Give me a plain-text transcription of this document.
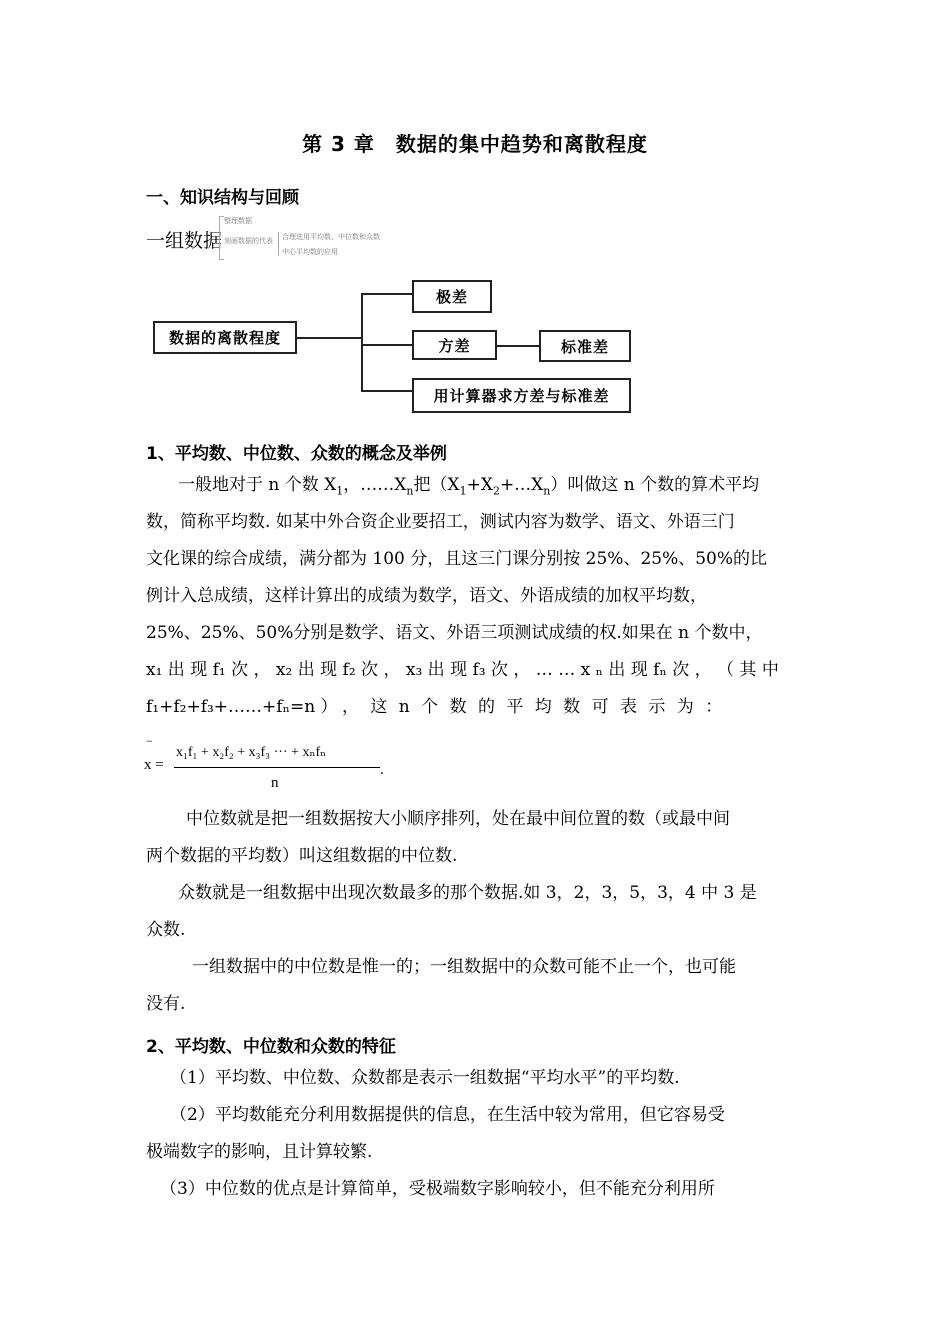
第 3 章　数据的集中趋势和离散程度
一、知识结构与回顾
一组数据
整理数据
刻画数据的代表 合理选用平均数、中位数和众数
中心平均数的应用
数据的离散程度
极差
方差	标准差
用计算器求方差与标准差
1、平均数、中位数、众数的概念及举例
一般地对于 n 个数 $X_1$，$\dots\dots X_n$把$(X_1+X_2+\dots X_n)$叫做这 n 个数的算术平均
数，简称平均数. 如某中外合资企业要招工，测试内容为数学、语文、外语三门
文化课的综合成绩，满分都为 100 分，且这三门课分别按 25%、25%、50%的比
例计入总成绩，这样计算出的成绩为数学，语文、外语成绩的加权平均数，
25%、25%、50%分别是数学、语文、外语三项测试成绩的权.如果在 n 个数中，
x₁ 出 现 f₁ 次 ， x₂ 出 现 f₂ 次 ， x₃ 出 现 f₃ 次 ， … … x ₙ 出 现 fₙ 次 ， （ 其 中
f₁+f₂+f₃+……+fₙ=n ） ， 这 n 个 数 的 平 均 数 可 表 示 为 ：
−
x =
x₁f₁ + x₂f₂ + x₃f₃ ··· + xₙfₙ
n
.
中位数就是把一组数据按大小顺序排列，处在最中间位置的数（或最中间
两个数据的平均数）叫这组数据的中位数.
众数就是一组数据中出现次数最多的那个数据.如 3，2，3，5，3，4 中 3 是
众数.
一组数据中的中位数是惟一的；一组数据中的众数可能不止一个，也可能
没有.
2、平均数、中位数和众数的特征
（1）平均数、中位数、众数都是表示一组数据“平均水平”的平均数.
（2）平均数能充分利用数据提供的信息，在生活中较为常用，但它容易受
极端数字的影响，且计算较繁.
（3）中位数的优点是计算简单，受极端数字影响较小，但不能充分利用所
